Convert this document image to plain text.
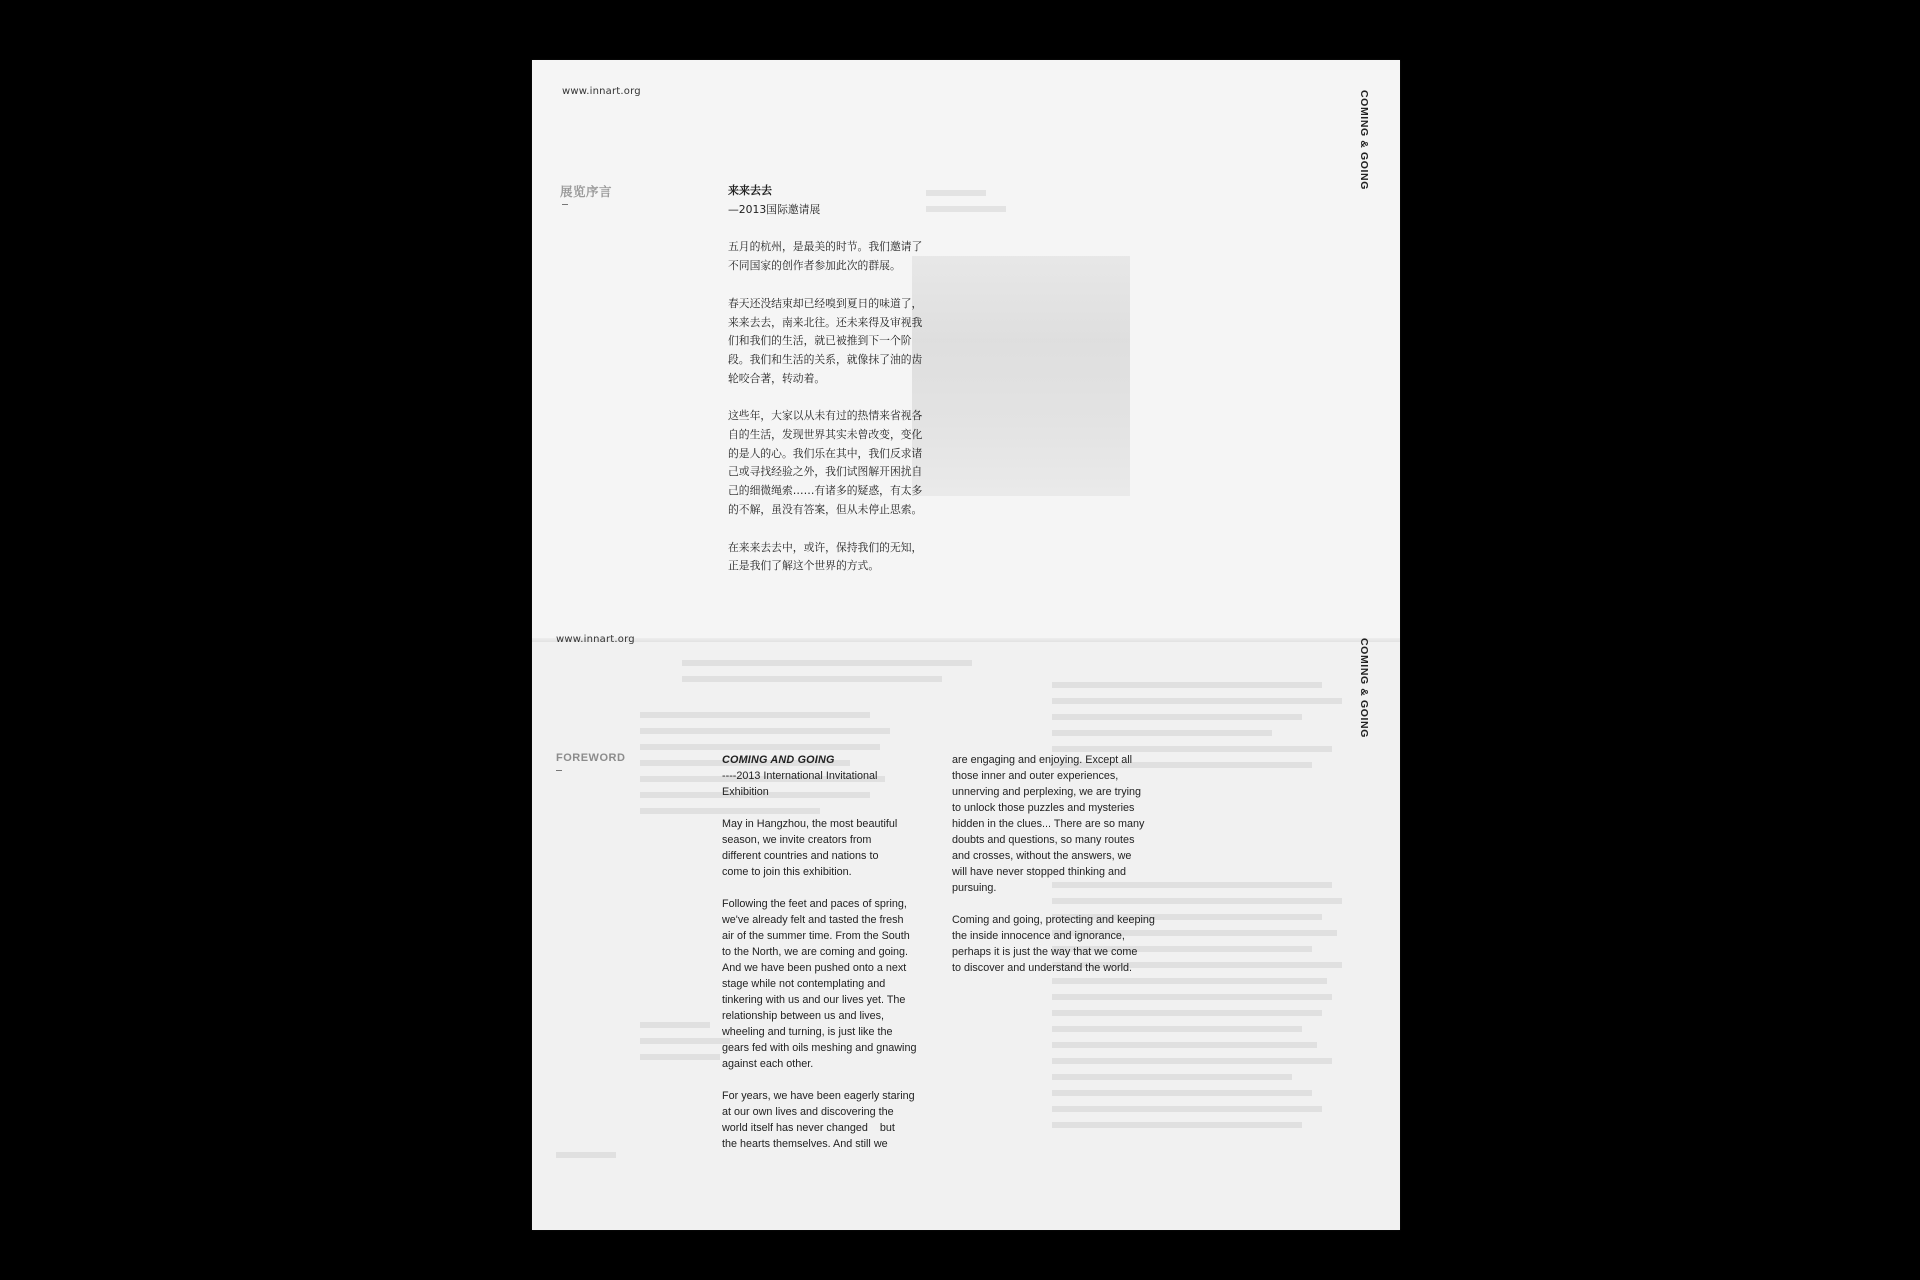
www.innart.org	COMING & GOING
展览序言	来来去去
—2013国际邀请展

五月的杭州，是最美的时节。我们邀请了不同国家的创作者参加此次的群展。

春天还没结束却已经嗅到夏日的味道了，来来去去，南来北往。还未来得及审视我们和我们的生活，就已被推到下一个阶段。我们和生活的关系，就像抹了油的齿轮咬合著，转动着。

这些年，大家以从未有过的热情来省视各自的生活，发现世界其实未曾改变，变化的是人的心。我们乐在其中，我们反求诸己或寻找经验之外，我们试图解开困扰自己的细微绳索……有诸多的疑惑，有太多的不解，虽没有答案，但从未停止思索。

在来来去去中，或许，保持我们的无知，正是我们了解这个世界的方式。

www.innart.org	COMING & GOING
FOREWORD	COMING AND GOING
----2013 International Invitational
Exhibition

May in Hangzhou, the most beautiful
season, we invite creators from
different countries and nations to
come to join this exhibition.

Following the feet and paces of spring,
we've already felt and tasted the fresh
air of the summer time. From the South
to the North, we are coming and going.
And we have been pushed onto a next
stage while not contemplating and
tinkering with us and our lives yet. The
relationship between us and lives,
wheeling and turning, is just like the
gears fed with oils meshing and gnawing
against each other.

For years, we have been eagerly staring
at our own lives and discovering the
world itself has never changed    but
the hearts themselves. And still we

are engaging and enjoying. Except all
those inner and outer experiences,
unnerving and perplexing, we are trying
to unlock those puzzles and mysteries
hidden in the clues... There are so many
doubts and questions, so many routes
and crosses, without the answers, we
will have never stopped thinking and
pursuing.

Coming and going, protecting and keeping
the inside innocence and ignorance,
perhaps it is just the way that we come
to discover and understand the world.
